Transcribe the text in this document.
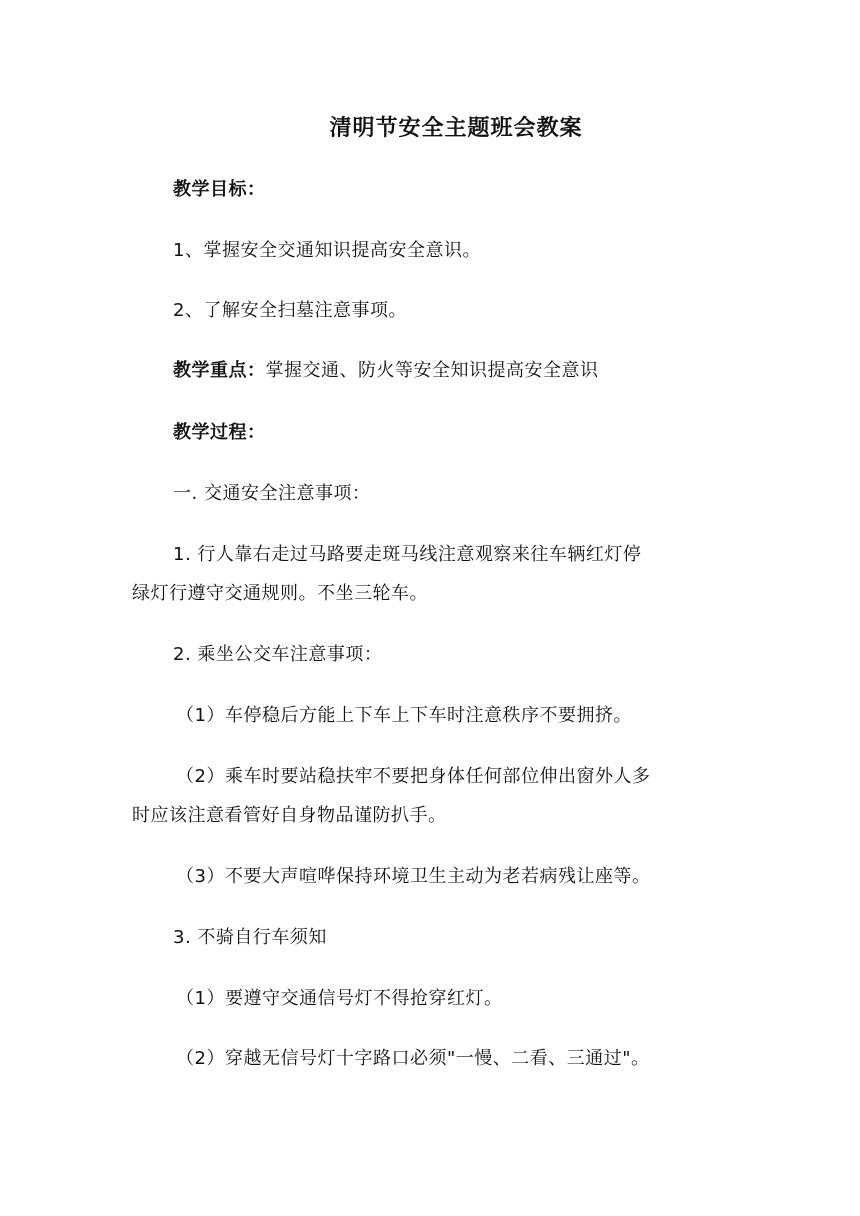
清明节安全主题班会教案
教学目标：
1、掌握安全交通知识提高安全意识。
2、了解安全扫墓注意事项。
教学重点：掌握交通、防火等安全知识提高安全意识
教学过程：
一. 交通安全注意事项：
1. 行人靠右走过马路要走斑马线注意观察来往车辆红灯停
绿灯行遵守交通规则。不坐三轮车。
2. 乘坐公交车注意事项：
（1）车停稳后方能上下车上下车时注意秩序不要拥挤。
（2）乘车时要站稳扶牢不要把身体任何部位伸出窗外人多
时应该注意看管好自身物品谨防扒手。
（3）不要大声喧哗保持环境卫生主动为老若病残让座等。
3. 不骑自行车须知
（1）要遵守交通信号灯不得抢穿红灯。
（2）穿越无信号灯十字路口必须"一慢、二看、三通过"。
